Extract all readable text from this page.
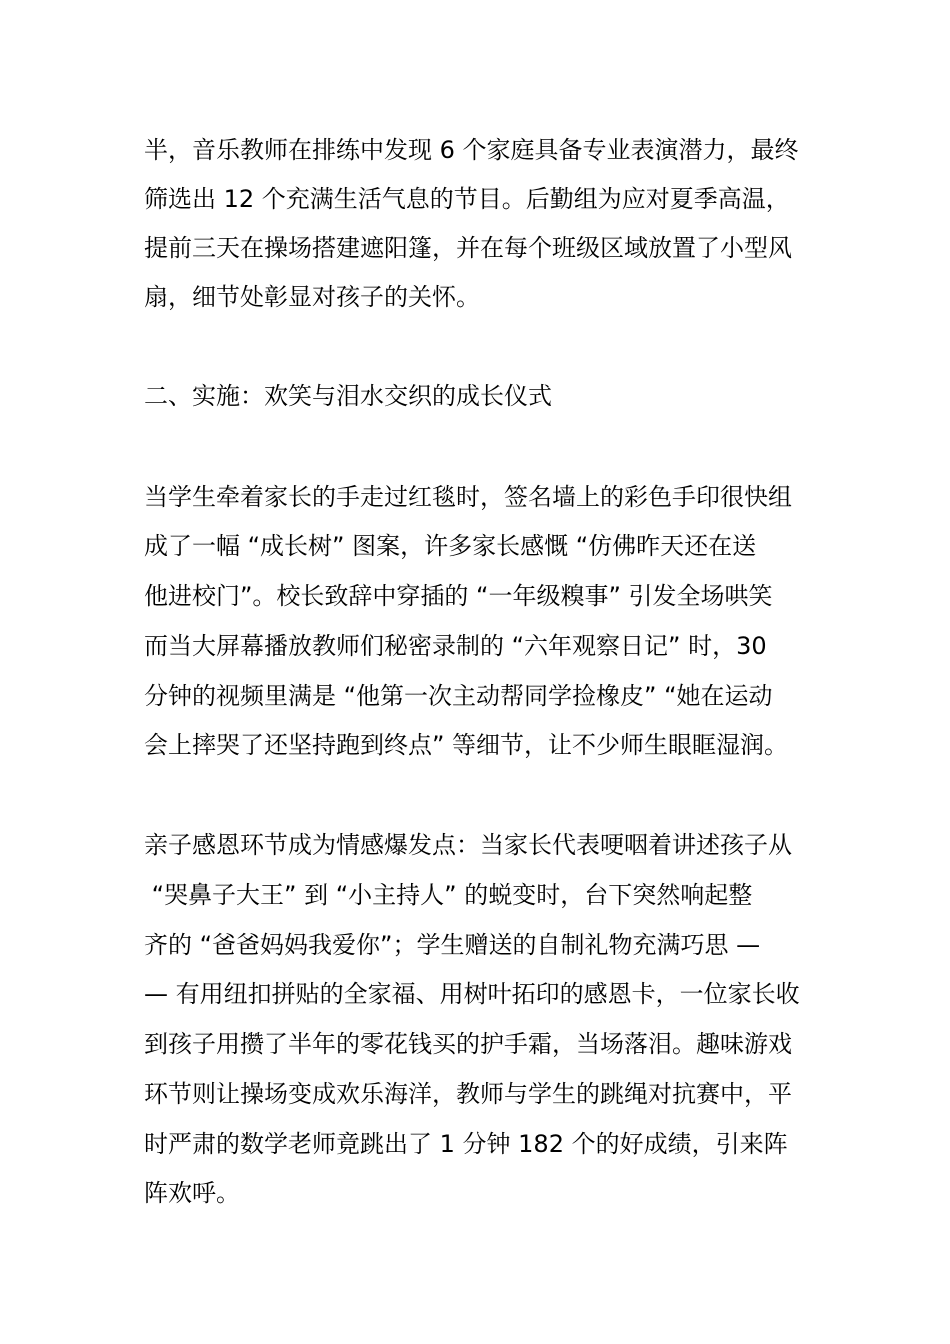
半，音乐教师在排练中发现 6 个家庭具备专业表演潜力，最终
筛选出 12 个充满生活气息的节目。后勤组为应对夏季高温，
提前三天在操场搭建遮阳篷，并在每个班级区域放置了小型风
扇，细节处彰显对孩子的关怀。
二、实施：欢笑与泪水交织的成长仪式
当学生牵着家长的手走过红毯时，签名墙上的彩色手印很快组
成了一幅 “成长树” 图案，许多家长感慨 “仿佛昨天还在送
他进校门”。校长致辞中穿插的 “一年级糗事” 引发全场哄笑
而当大屏幕播放教师们秘密录制的 “六年观察日记” 时，30
分钟的视频里满是 “他第一次主动帮同学捡橡皮” “她在运动
会上摔哭了还坚持跑到终点” 等细节，让不少师生眼眶湿润。
亲子感恩环节成为情感爆发点：当家长代表哽咽着讲述孩子从
“哭鼻子大王” 到 “小主持人” 的蜕变时，台下突然响起整
齐的 “爸爸妈妈我爱你”；学生赠送的自制礼物充满巧思 —
— 有用纽扣拼贴的全家福、用树叶拓印的感恩卡，一位家长收
到孩子用攒了半年的零花钱买的护手霜，当场落泪。趣味游戏
环节则让操场变成欢乐海洋，教师与学生的跳绳对抗赛中，平
时严肃的数学老师竟跳出了 1 分钟 182 个的好成绩，引来阵
阵欢呼。
